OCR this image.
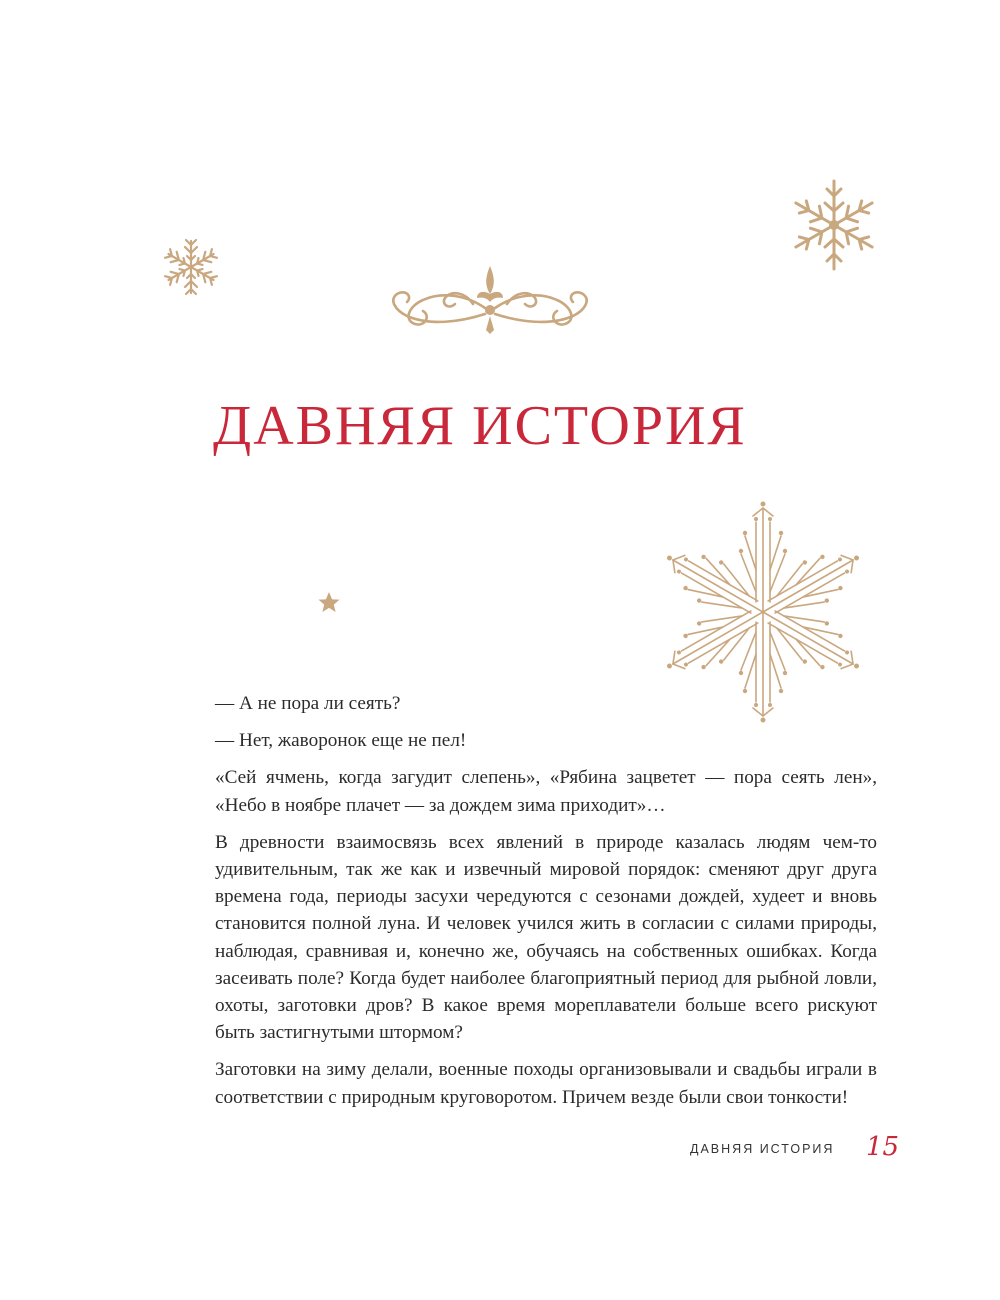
ДАВНЯЯ ИСТОРИЯ

— А не пора ли сеять?

— Нет, жаворонок еще не пел!

«Сей ячмень, когда загудит слепень», «Рябина зацветет — пора сеять лен», «Небо в ноябре плачет — за дождем зима приходит»…

В древности взаимосвязь всех явлений в природе казалась людям чем-то удивительным, так же как и извечный мировой порядок: сменяют друг друга времена года, периоды засухи чередуются с сезонами дождей, худеет и вновь становится полной луна. И человек учился жить в согласии с силами природы, наблюдая, сравнивая и, конечно же, обучаясь на собственных ошибках. Когда засеивать поле? Когда будет наиболее благоприятный период для рыбной ловли, охоты, заготовки дров? В какое время мореплаватели больше всего рискуют быть застигнутыми штормом?

Заготовки на зиму делали, военные походы организовывали и свадьбы играли в соответствии с природным круговоротом. Причем везде были свои тонкости!

ДАВНЯЯ ИСТОРИЯ 15
